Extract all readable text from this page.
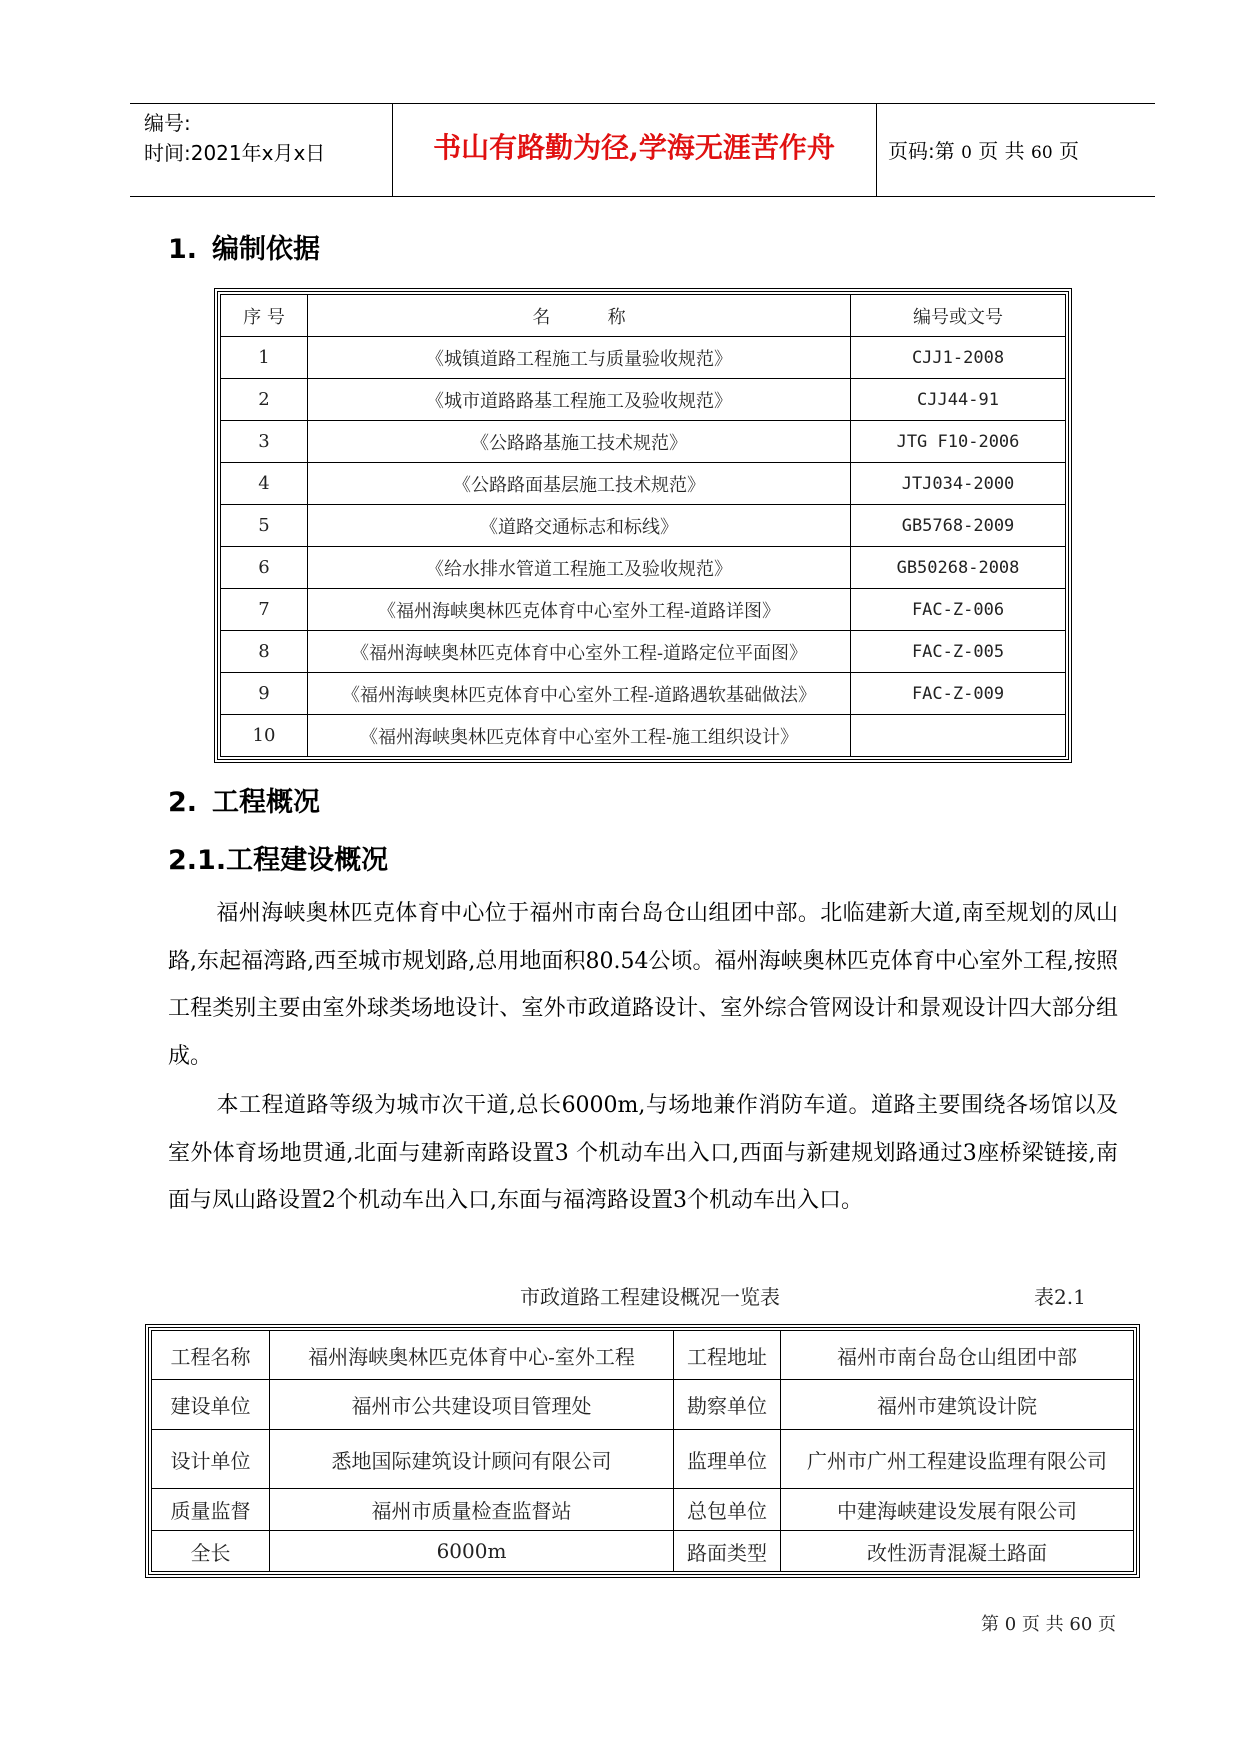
编号:
时间:2021年x月x日	书山有路勤为径,学海无涯苦作舟	页码:第 0 页 共 60 页
1. 编制依据
序 号	名          称	编号或文号
1	《城镇道路工程施工与质量验收规范》	CJJ1-2008
2	《城市道路路基工程施工及验收规范》	CJJ44-91
3	《公路路基施工技术规范》	JTG F10-2006
4	《公路路面基层施工技术规范》	JTJ034-2000
5	《道路交通标志和标线》	GB5768-2009
6	《给水排水管道工程施工及验收规范》	GB50268-2008
7	《福州海峡奥林匹克体育中心室外工程-道路详图》	FAC-Z-006
8	《福州海峡奥林匹克体育中心室外工程-道路定位平面图》	FAC-Z-005
9	《福州海峡奥林匹克体育中心室外工程-道路遇软基础做法》	FAC-Z-009
10	《福州海峡奥林匹克体育中心室外工程-施工组织设计》	
2. 工程概况
2.1.工程建设概况
福州海峡奥林匹克体育中心位于福州市南台岛仓山组团中部。北临建新大道,南至规划的凤山路,东起福湾路,西至城市规划路,总用地面积80.54公顷。福州海峡奥林匹克体育中心室外工程,按照工程类别主要由室外球类场地设计、室外市政道路设计、室外综合管网设计和景观设计四大部分组成。
本工程道路等级为城市次干道,总长6000m,与场地兼作消防车道。道路主要围绕各场馆以及室外体育场地贯通,北面与建新南路设置3 个机动车出入口,西面与新建规划路通过3座桥梁链接,南面与凤山路设置2个机动车出入口,东面与福湾路设置3个机动车出入口。
市政道路工程建设概况一览表	表2.1
工程名称	福州海峡奥林匹克体育中心-室外工程	工程地址	福州市南台岛仓山组团中部
建设单位	福州市公共建设项目管理处	勘察单位	福州市建筑设计院
设计单位	悉地国际建筑设计顾问有限公司	监理单位	广州市广州工程建设监理有限公司
质量监督	福州市质量检查监督站	总包单位	中建海峡建设发展有限公司
全长	6000m	路面类型	改性沥青混凝土路面
第 0 页 共 60 页
